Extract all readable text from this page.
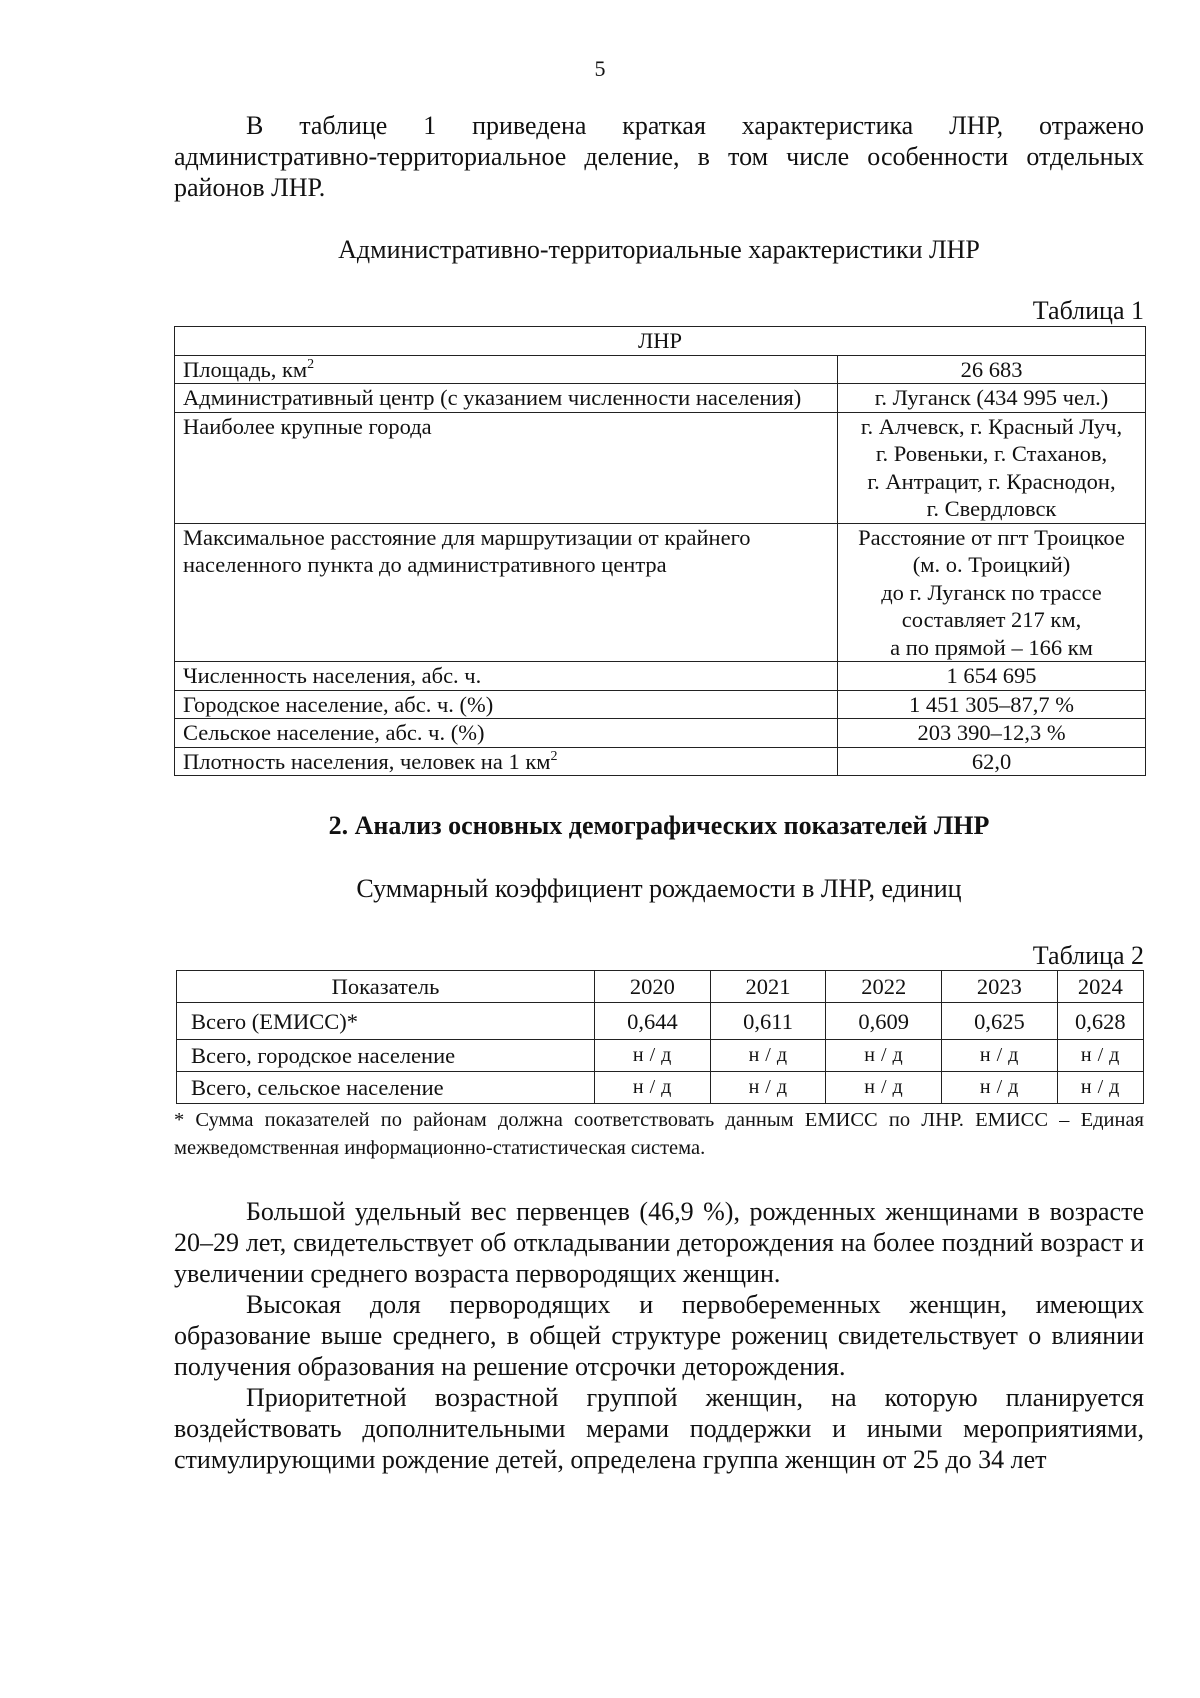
5

В таблице 1 приведена краткая характеристика ЛНР, отражено административно-территориальное деление, в том числе особенности отдельных районов ЛНР.

Административно-территориальные характеристики ЛНР
Таблица 1
ЛНР	
Площадь, $км^2$	26 683
Административный центр (с указанием численности населения)	г. Луганск (434 995 чел.)
Наиболее крупные города	г. Алчевск, г. Красный Луч,
г. Ровеньки, г. Стаханов,
г. Антрацит, г. Краснодон,
г. Свердловск

Максимальное расстояние для маршрутизации от крайнего населенного пункта до административного центра	Расстояние от пгт Троицкое
(м. о. Троицкий)
до г. Луганск по трассе
составляет 217 км,
а по прямой – 166 км

Численность населения, абс. ч.	1 654 695
Городское население, абс. ч. (%)	1 451 305–87,7 %
Сельское население, абс. ч. (%)	203 390–12,3 %
Плотность населения, человек на 1 $км^2$	62,0
2. Анализ основных демографических показателей ЛНР
Суммарный коэффициент рождаемости в ЛНР, единиц
Таблица 2
Показатель	2020	2021	2022	2023	2024
Всего (ЕМИСС)*	0,644	0,611	0,609	0,625	0,628
Всего, городское население	н / д	н / д	н / д	н / д	н / д
Всего, сельское население	н / д	н / д	н / д	н / д	н / д

* Сумма показателей по районам должна соответствовать данным ЕМИСС по ЛНР. ЕМИСС – Единая межведомственная информационно-статистическая система.

Большой удельный вес первенцев (46,9 %), рожденных женщинами в возрасте 20–29 лет, свидетельствует об откладывании деторождения на более поздний возраст и увеличении среднего возраста первородящих женщин.

Высокая доля первородящих и первобеременных женщин, имеющих образование выше среднего, в общей структуре рожениц свидетельствует о влиянии получения образования на решение отсрочки деторождения.

Приоритетной возрастной группой женщин, на которую планируется воздействовать дополнительными мерами поддержки и иными мероприятиями, стимулирующими рождение детей, определена группа женщин от 25 до 34 лет
